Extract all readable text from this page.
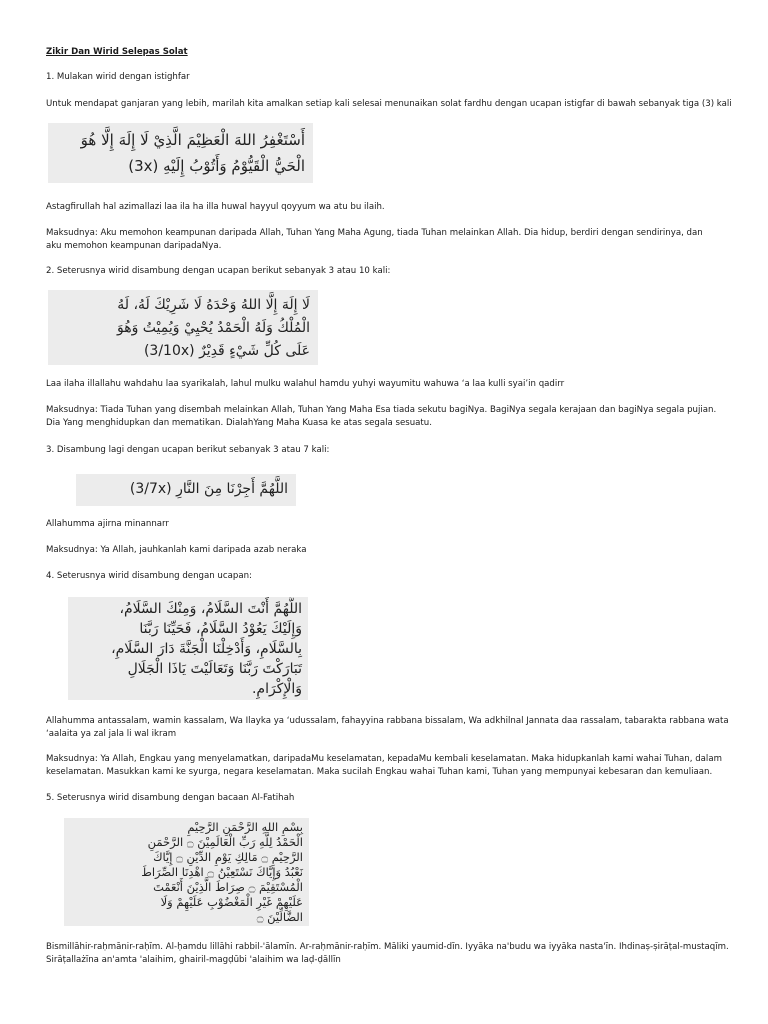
Zikir Dan Wirid Selepas Solat
1. Mulakan wirid dengan istighfar
Untuk mendapat ganjaran yang lebih, marilah kita amalkan setiap kali selesai menunaikan solat fardhu dengan ucapan istigfar di bawah sebanyak tiga (3) kali
أَسْتَغْفِرُ اللهَ الْعَظِيْمَ الَّذِيْ لَا إِلَهَ إِلَّا هُوَ
الْحَيُّ الْقَيُّوْمُ وَأَتُوْبُ إِلَيْهِ (3x)
Astagfirullah hal azimallazi laa ila ha illa huwal hayyul qoyyum wa atu bu ilaih.
Maksudnya: Aku memohon keampunan daripada Allah, Tuhan Yang Maha Agung, tiada Tuhan melainkan Allah. Dia hidup, berdiri dengan sendirinya, dan aku memohon keampunan daripadaNya.
2. Seterusnya wirid disambung dengan ucapan berikut sebanyak 3 atau 10 kali:
لَا إِلَهَ إِلَّا اللهُ وَحْدَهُ لَا شَرِيْكَ لَهُ، لَهُ
الْمُلْكُ وَلَهُ الْحَمْدُ يُحْيِيْ وَيُمِيْتُ وَهُوَ
عَلَى كُلِّ شَيْءٍ قَدِيْرٌ (3/10x)
Laa ilaha illallahu wahdahu laa syarikalah, lahul mulku walahul hamdu yuhyi wayumitu wahuwa ‘a laa kulli syai’in qadirr
Maksudnya: Tiada Tuhan yang disembah melainkan Allah, Tuhan Yang Maha Esa tiada sekutu bagiNya. BagiNya segala kerajaan dan bagiNya segala pujian. Dia Yang menghidupkan dan mematikan. DialahYang Maha Kuasa ke atas segala sesuatu.
3. Disambung lagi dengan ucapan berikut sebanyak 3 atau 7 kali:
اللَّهُمَّ أَجِرْنَا مِنَ النَّارِ (3/7x)
Allahumma ajirna minannarr
Maksudnya: Ya Allah, jauhkanlah kami daripada azab neraka
4. Seterusnya wirid disambung dengan ucapan:
اللَّهُمَّ أَنْتَ السَّلَامُ، وَمِنْكَ السَّلَامُ،
وَإِلَيْكَ يَعُوْدُ السَّلَامُ، فَحَيِّنَا رَبَّنَا
بِالسَّلَامِ، وَأَدْخِلْنَا الْجَنَّةَ دَارَ السَّلَامِ،
تَبَارَكْتَ رَبَّنَا وَتَعَالَيْتَ يَاذَا الْجَلَالِ
وَالْإِكْرَامِ.
Allahumma antassalam, wamin kassalam, Wa Ilayka ya ‘udussalam, fahayyina rabbana bissalam, Wa adkhilnal Jannata daa rassalam, tabarakta rabbana wata ‘aalaita ya zal jala li wal ikram
Maksudnya: Ya Allah, Engkau yang menyelamatkan, daripadaMu keselamatan, kepadaMu kembali keselamatan. Maka hidupkanlah kami wahai Tuhan, dalam keselamatan. Masukkan kami ke syurga, negara keselamatan. Maka sucilah Engkau wahai Tuhan kami, Tuhan yang mempunyai kebesaran dan kemuliaan.
5. Seterusnya wirid disambung dengan bacaan Al-Fatihah
بِسْمِ اللهِ الرَّحْمَنِ الرَّحِيْمِ
الْحَمْدُ لِلَّهِ رَبِّ الْعَالَمِيْنَ ۝ الرَّحْمَنِ
الرَّحِيْمِ ۝ مَالِكِ يَوْمِ الدِّيْنِ ۝ إِيَّاكَ
نَعْبُدُ وَإِيَّاكَ نَسْتَعِيْنُ ۝ اهْدِنَا الصِّرَاطَ
الْمُسْتَقِيْمَ ۝ صِرَاطَ الَّذِيْنَ أَنْعَمْتَ
عَلَيْهِمْ غَيْرِ الْمَغْضُوْبِ عَلَيْهِمْ وَلَا
الضَّالِّيْنَ ۝
Bismillāhir-raḥmānir-raḥīm. Al-ḥamdu lillāhi rabbil-'ālamīn. Ar-raḥmānir-raḥīm. Māliki yaumid-dīn. Iyyāka na'budu wa iyyāka nasta'īn. Ihdinaṣ-ṣirāṭal-mustaqīm. Sirāṭallażīna an'amta 'alaihim, ghairil-magḍūbi 'alaihim wa laḍ-ḍāllīn
